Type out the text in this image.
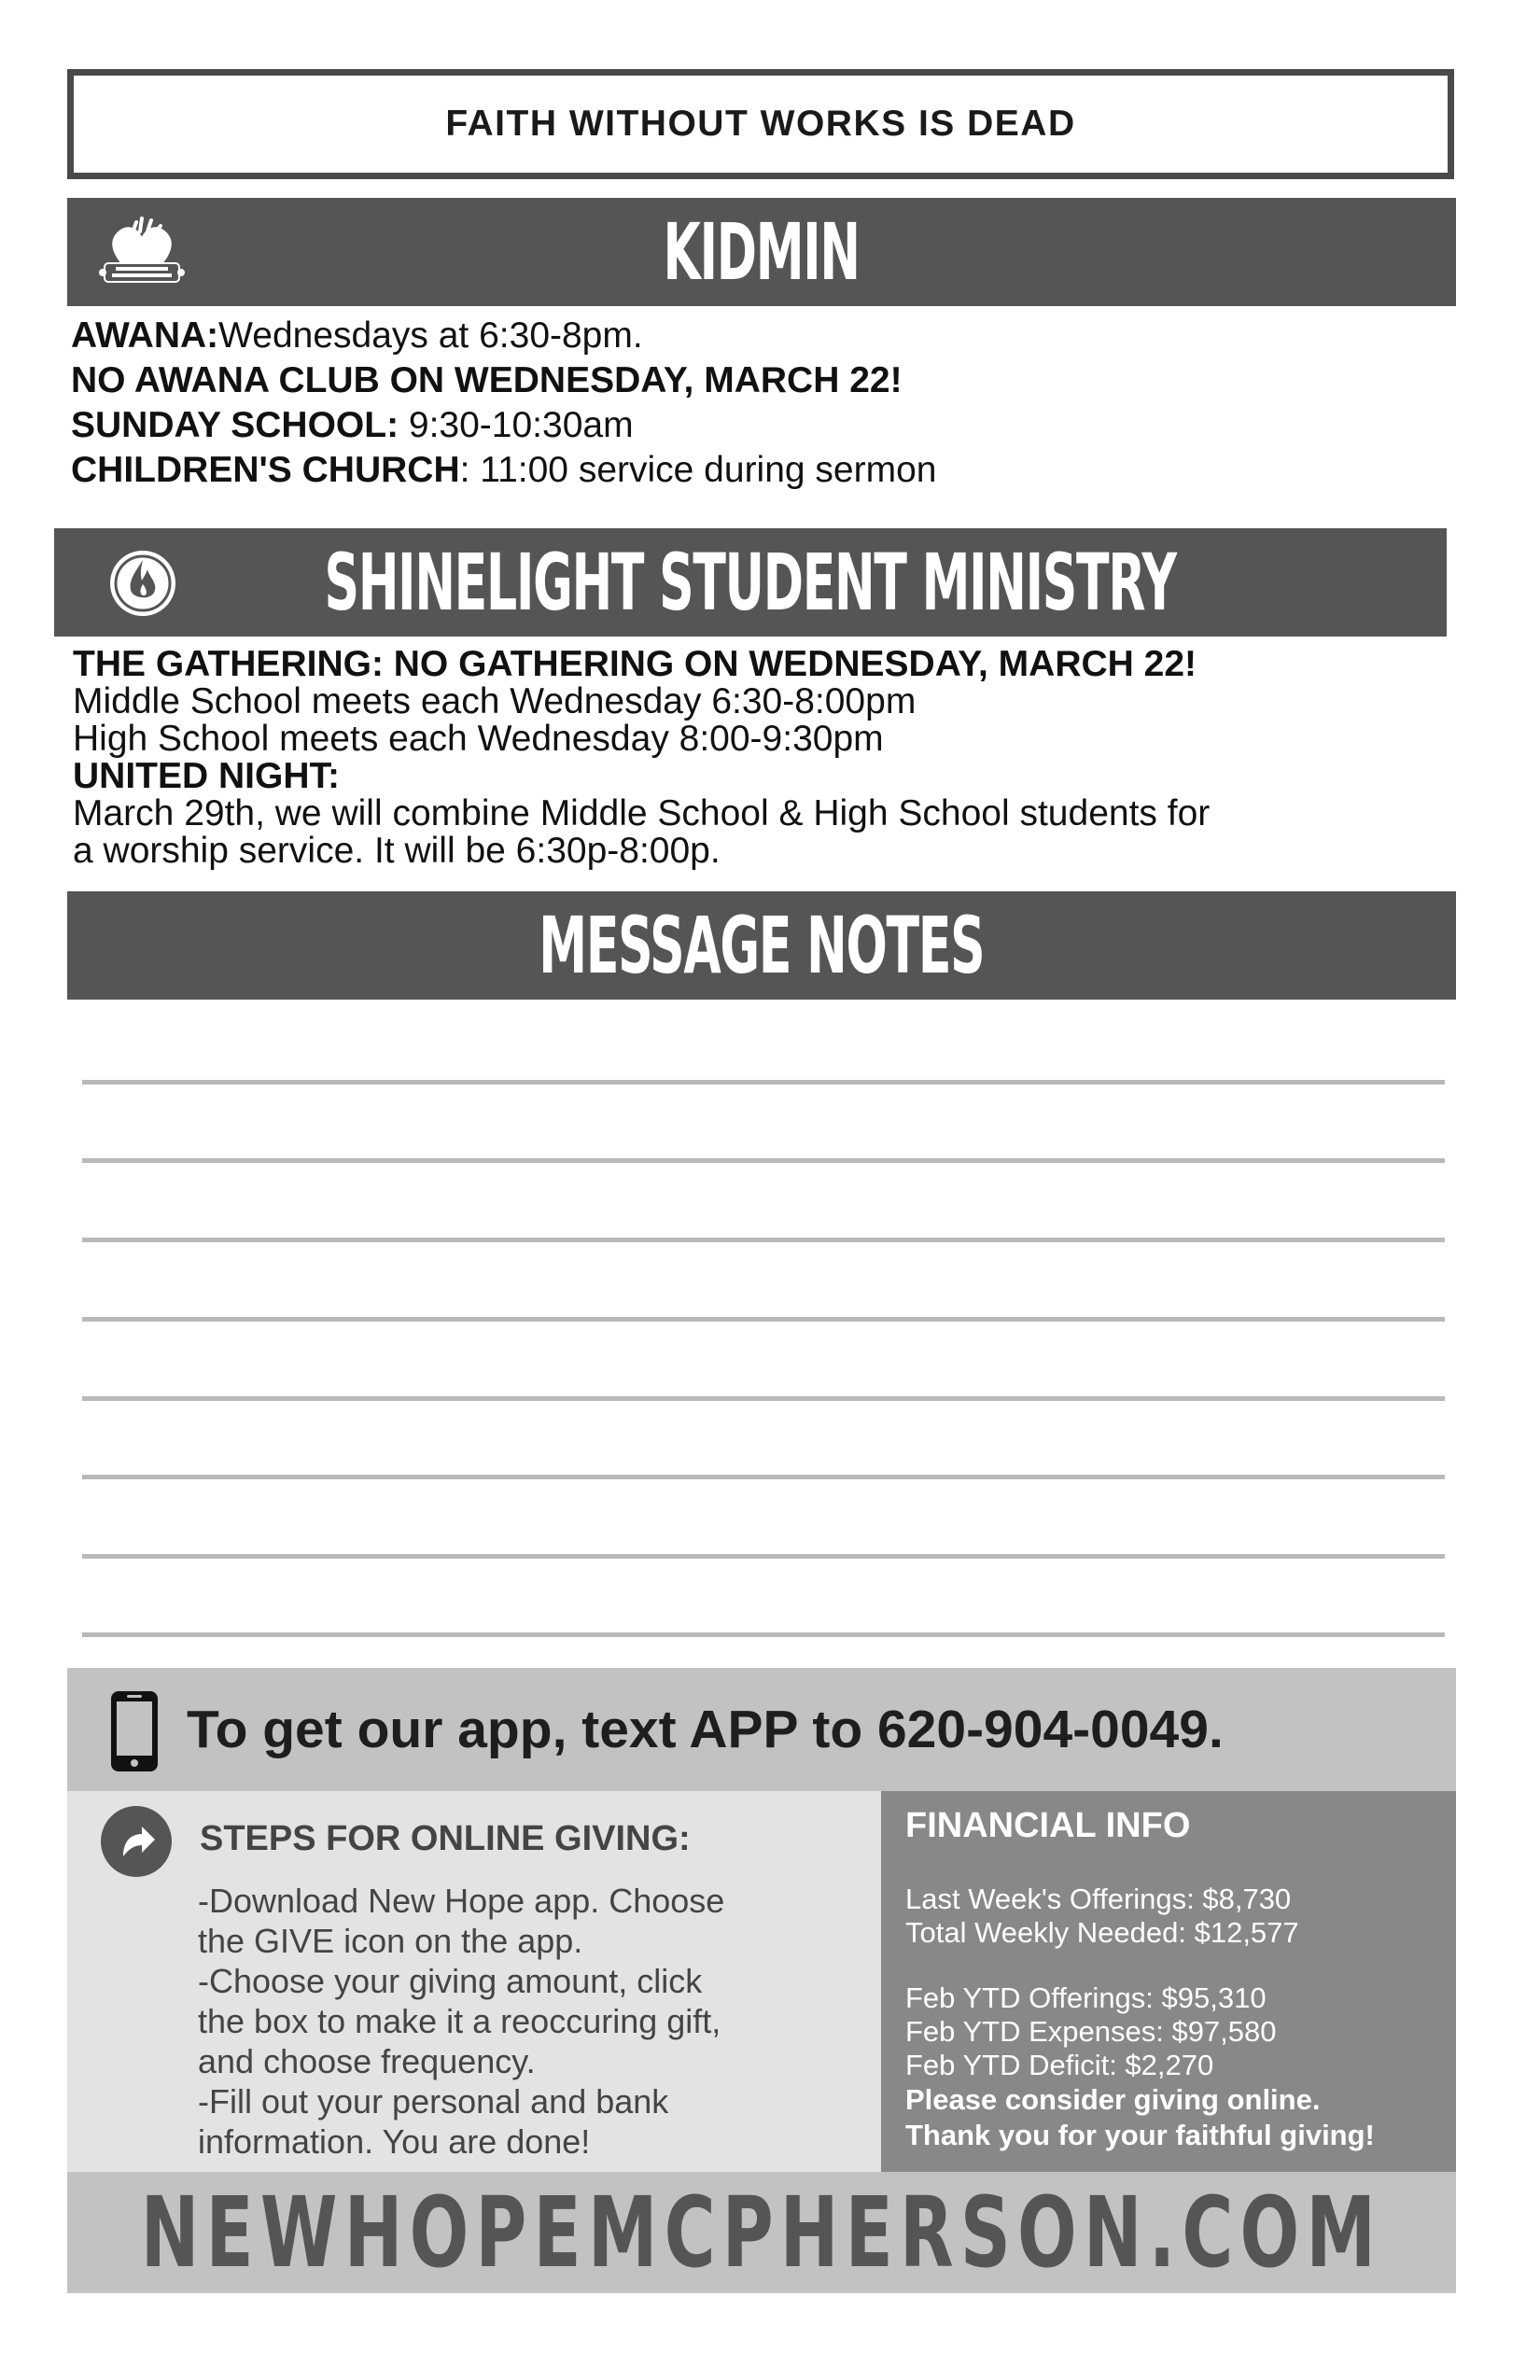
FAITH WITHOUT WORKS IS DEAD
KIDMIN
AWANA:Wednesdays at 6:30-8pm.
NO AWANA CLUB ON WEDNESDAY, MARCH 22!
SUNDAY SCHOOL: 9:30-10:30am
CHILDREN'S CHURCH: 11:00 service during sermon
SHINELIGHT STUDENT MINISTRY
THE GATHERING: NO GATHERING ON WEDNESDAY, MARCH 22!
Middle School meets each Wednesday 6:30-8:00pm
High School meets each Wednesday 8:00-9:30pm
UNITED NIGHT:
March 29th, we will combine Middle School & High School students for
a worship service. It will be 6:30p-8:00p.
MESSAGE NOTES
To get our app, text APP to 620-904-0049.
STEPS FOR ONLINE GIVING:
-Download New Hope app. Choose
the GIVE icon on the app.
-Choose your giving amount, click
the box to make it a reoccuring gift,
and choose frequency.
-Fill out your personal and bank
information. You are done!
FINANCIAL INFO
Last Week's Offerings: $8,730
Total Weekly Needed: $12,577
Feb YTD Offerings: $95,310
Feb YTD Expenses: $97,580
Feb YTD Deficit: $2,270
Please consider giving online.
Thank you for your faithful giving!
NEWHOPEMCPHERSON.COM
